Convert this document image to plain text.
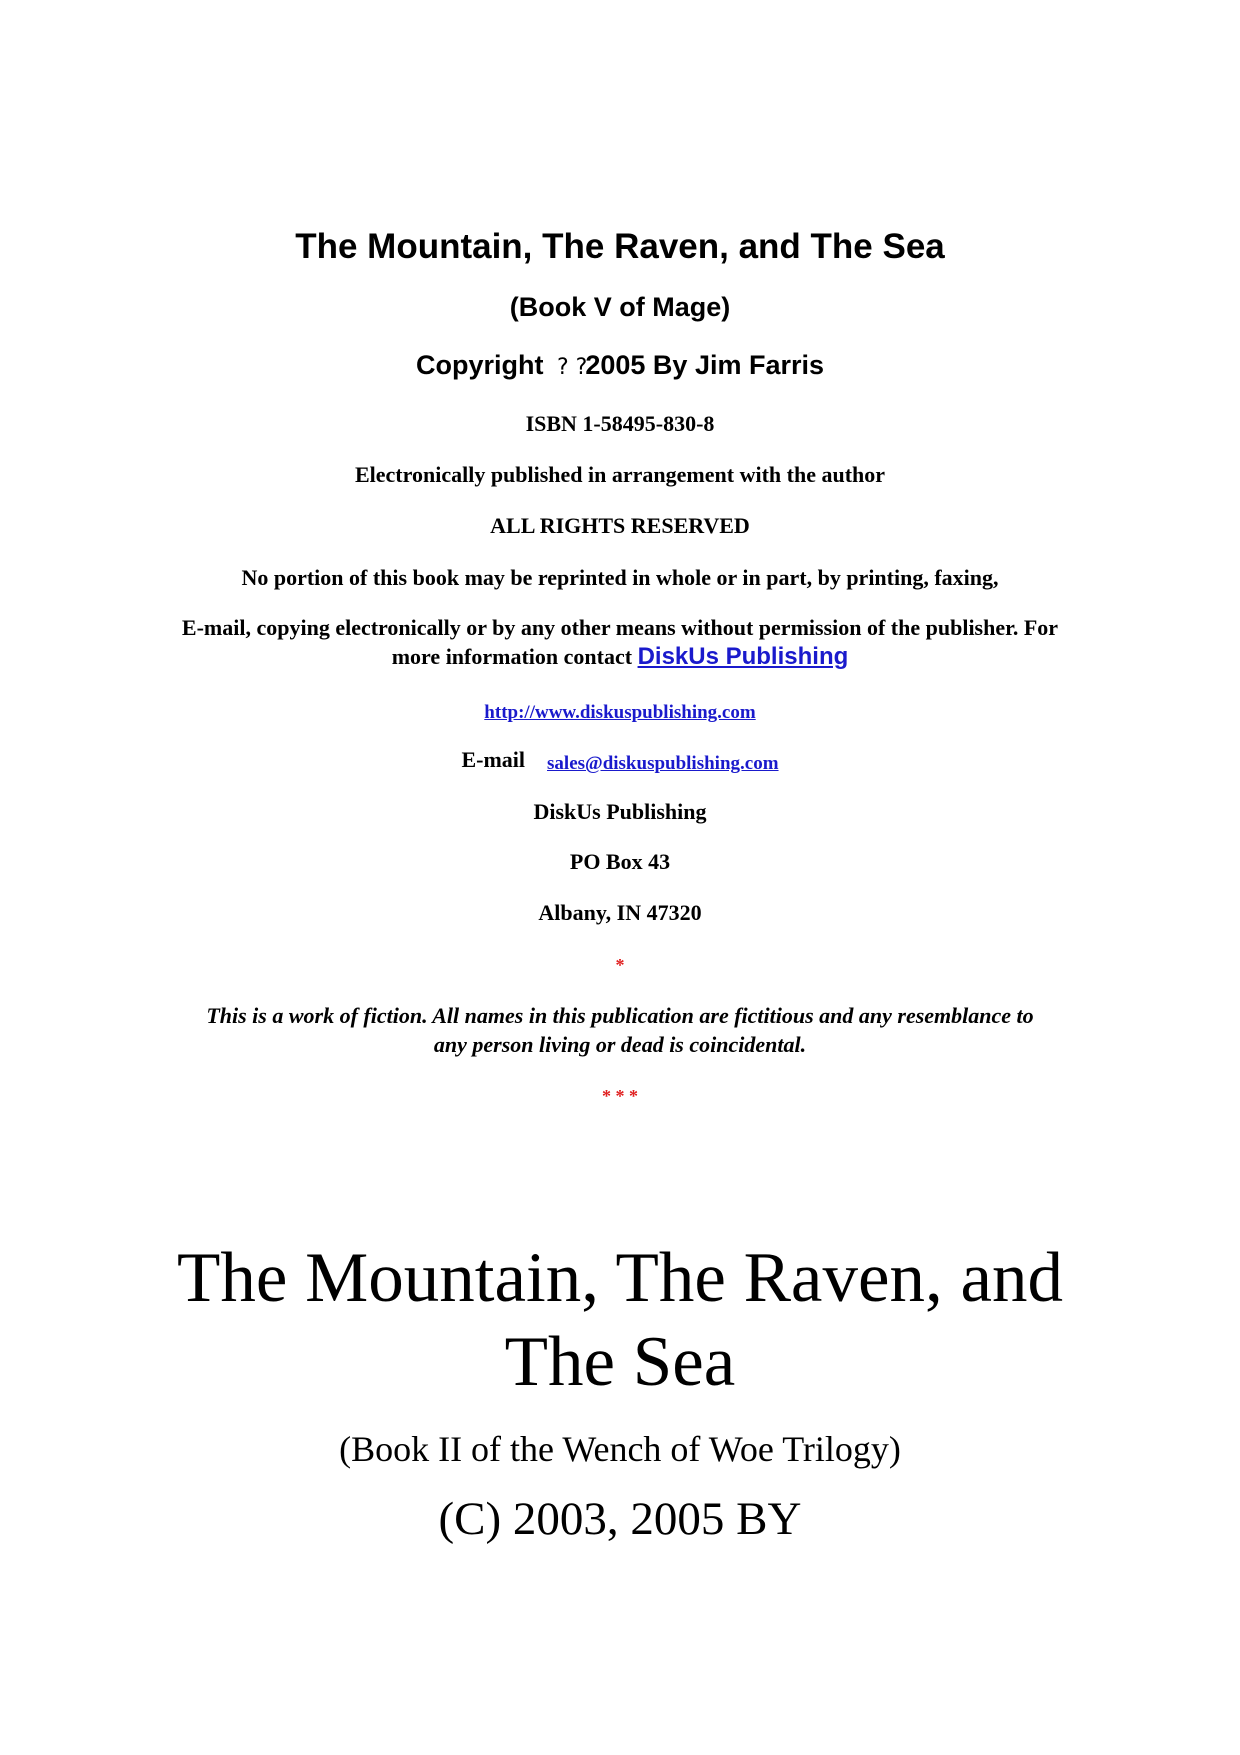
The Mountain, The Raven, and The Sea
(Book V of Mage)
Copyright ? ?2005 By Jim Farris
ISBN 1-58495-830-8
Electronically published in arrangement with the author
ALL RIGHTS RESERVED
No portion of this book may be reprinted in whole or in part, by printing, faxing,
E-mail, copying electronically or by any other means without permission of the publisher. For
more information contact DiskUs Publishing
http://www.diskuspublishing.com
E-mail sales@diskuspublishing.com
DiskUs Publishing
PO Box 43
Albany, IN 47320
*
This is a work of fiction. All names in this publication are fictitious and any resemblance to
any person living or dead is coincidental.
* * *
The Mountain, The Raven, and
The Sea
(Book II of the Wench of Woe Trilogy)
(C) 2003, 2005 BY
